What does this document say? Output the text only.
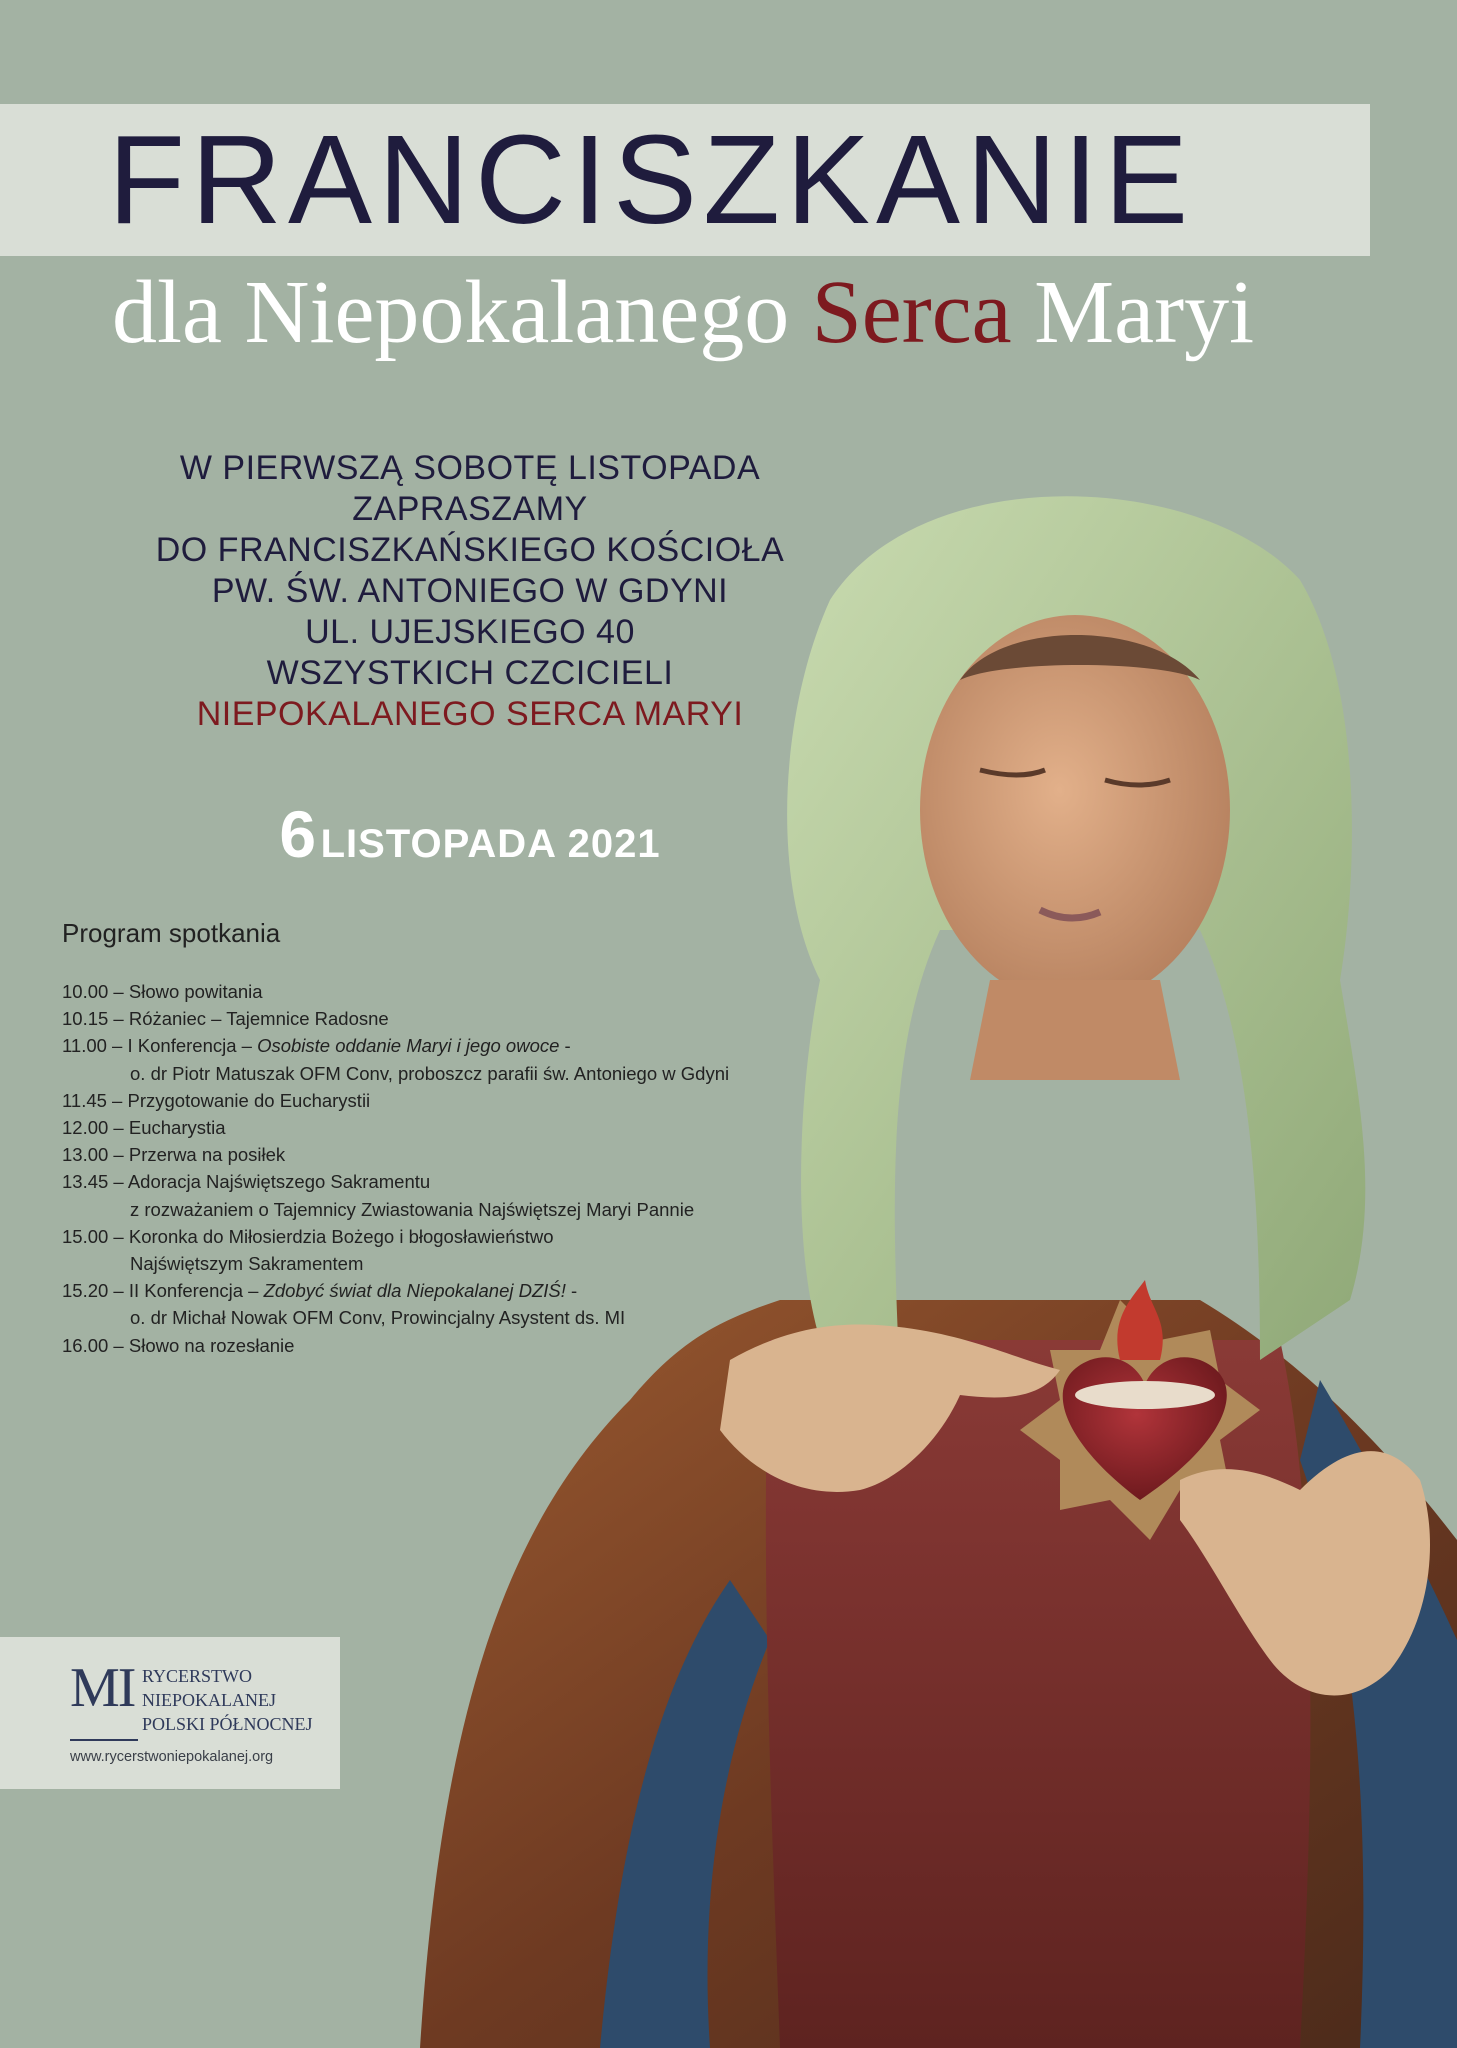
FRANCISZKANIE
dla Niepokalanego Serca Maryi
W PIERWSZĄ SOBOTĘ LISTOPADA
ZAPRASZAMY
DO FRANCISZKAŃSKIEGO KOŚCIOŁA
PW. ŚW. ANTONIEGO W GDYNI
UL. UJEJSKIEGO 40
WSZYSTKICH CZCICIELI
NIEPOKALANEGO SERCA MARYI
6 LISTOPADA 2021
Program spotkania
10.00 – Słowo powitania
10.15 – Różaniec – Tajemnice Radosne
11.00 – I Konferencja – Osobiste oddanie Maryi i jego owoce -
o. dr Piotr Matuszak OFM Conv, proboszcz parafii św. Antoniego w Gdyni
11.45 – Przygotowanie do Eucharystii
12.00 – Eucharystia
13.00 – Przerwa na posiłek
13.45 – Adoracja Najświętszego Sakramentu
z rozważaniem o Tajemnicy Zwiastowania Najświętszej Maryi Pannie
15.00 – Koronka do Miłosierdzia Bożego i błogosławieństwo
Najświętszym Sakramentem
15.20 – II Konferencja – Zdobyć świat dla Niepokalanej DZIŚ! -
o. dr Michał Nowak OFM Conv, Prowincjalny Asystent ds. MI
16.00 – Słowo na rozesłanie
MI RYCERSTWO
NIEPOKALANEJ
POLSKI PÓŁNOCNEJ
www.rycerstwoniepokalanej.org
